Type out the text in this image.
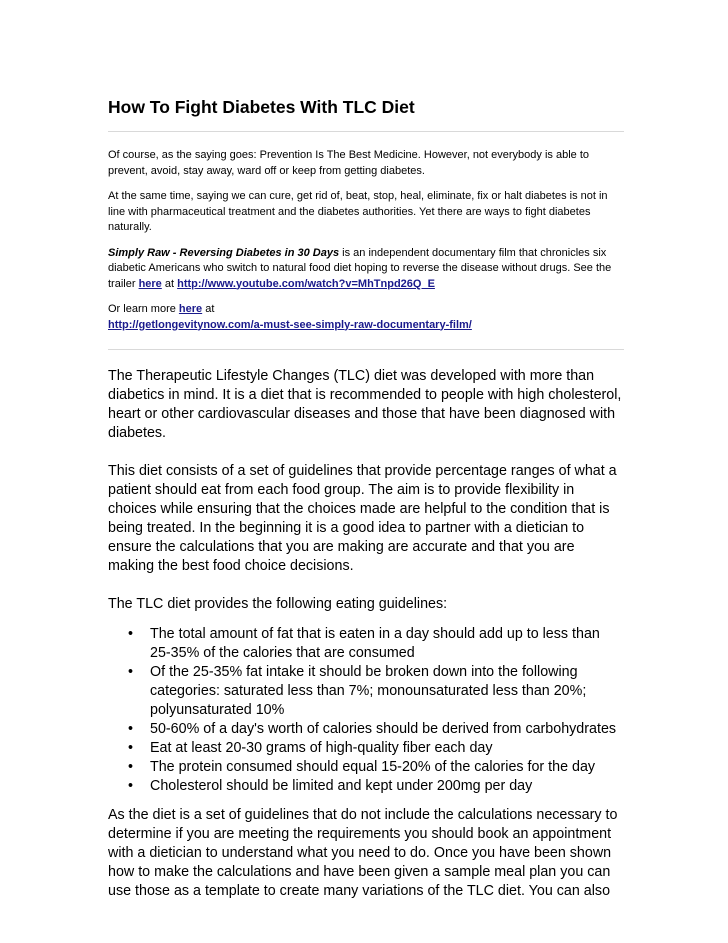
How To Fight Diabetes With TLC Diet

Of course, as the saying goes: Prevention Is The Best Medicine. However, not everybody is able to prevent, avoid, stay away, ward off or keep from getting diabetes.

At the same time, saying we can cure, get rid of, beat, stop, heal, eliminate, fix or halt diabetes is not in line with pharmaceutical treatment and the diabetes authorities. Yet there are ways to fight diabetes naturally.

Simply Raw - Reversing Diabetes in 30 Days is an independent documentary film that chronicles six diabetic Americans who switch to natural food diet hoping to reverse the disease without drugs. See the trailer here at http://www.youtube.com/watch?v=MhTnpd26Q_E

Or learn more here at
http://getlongevitynow.com/a-must-see-simply-raw-documentary-film/

The Therapeutic Lifestyle Changes (TLC) diet was developed with more than diabetics in mind. It is a diet that is recommended to people with high cholesterol, heart or other cardiovascular diseases and those that have been diagnosed with diabetes.

This diet consists of a set of guidelines that provide percentage ranges of what a patient should eat from each food group. The aim is to provide flexibility in choices while ensuring that the choices made are helpful to the condition that is being treated. In the beginning it is a good idea to partner with a dietician to ensure the calculations that you are making are accurate and that you are making the best food choice decisions.

The TLC diet provides the following eating guidelines:

• The total amount of fat that is eaten in a day should add up to less than 25-35% of the calories that are consumed
• Of the 25-35% fat intake it should be broken down into the following categories: saturated less than 7%; monounsaturated less than 20%; polyunsaturated 10%
• 50-60% of a day's worth of calories should be derived from carbohydrates
• Eat at least 20-30 grams of high-quality fiber each day
• The protein consumed should equal 15-20% of the calories for the day
• Cholesterol should be limited and kept under 200mg per day

As the diet is a set of guidelines that do not include the calculations necessary to determine if you are meeting the requirements you should book an appointment with a dietician to understand what you need to do. Once you have been shown how to make the calculations and have been given a sample meal plan you can use those as a template to create many variations of the TLC diet. You can also
